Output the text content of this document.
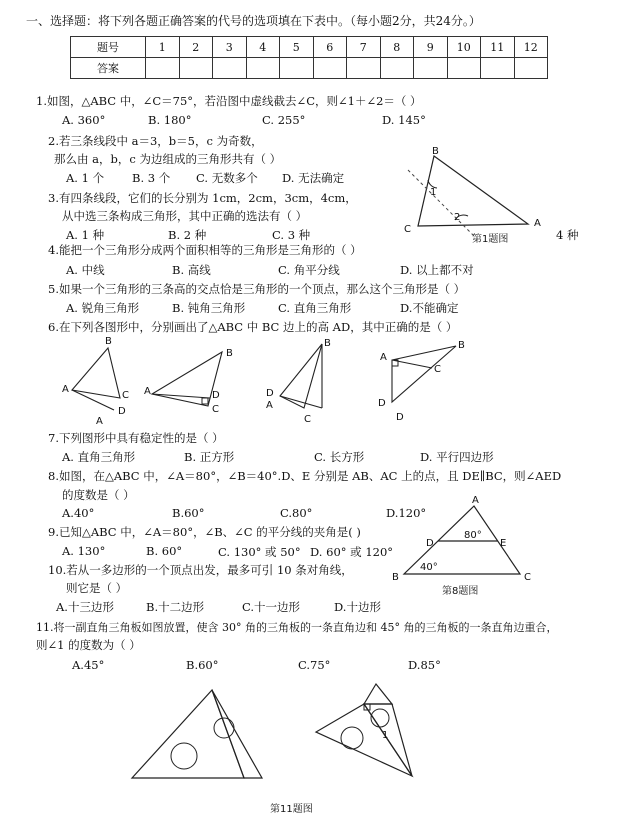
一、选择题：将下列各题正确答案的代号的选项填在下表中。（每小题2分，共24分。）
题号	1	2	3	4	5	6	7	8	9	10	11	12
答案												
1.如图，△ABC 中，∠C＝75°，若沿图中虚线截去∠C，则∠1＋∠2＝（ ）
A. 360°	B. 180°	C. 255°	D. 145°
2.若三条线段中 a＝3，b＝5，c 为奇数，
那么由 a，b，c 为边组成的三角形共有（ ）
A. 1 个 B. 3 个 C. 无数多个 D. 无法确定
3.有四条线段，它们的长分别为 1cm，2cm，3cm，4cm，
从中选三条构成三角形，其中正确的选法有（ ）
A. 1 种	B. 2 种	C. 3 种	4 种
B
C
A
1
2
第1题图
4.能把一个三角形分成两个面积相等的三角形是三角形的（ ）
A. 中线	B. 高线	C. 角平分线	D. 以上都不对
5.如果一个三角形的三条高的交点恰是三角形的一个顶点，那么这个三角形是（ ）
A. 锐角三角形	B. 钝角三角形	C. 直角三角形	D.不能确定
6.在下列各图形中，分别画出了△ABC 中 BC 边上的高 AD，其中正确的是（ ）
B
A
C
D
A
B
A	D
C
B
D
A
C
A
B
C
D
D
7.下列图形中具有稳定性的是（ ）
A. 直角三角形	B. 正方形	C. 长方形	D. 平行四边形
8.如图，在△ABC 中，∠A＝80°，∠B＝40°.D、E 分别是 AB、AC 上的点，且 DE∥BC，则∠AED
的度数是（ ）
A.40°	B.60°	C.80°	D.120°
9.已知△ABC 中，∠A＝80°，∠B、∠C 的平分线的夹角是( )
A. 130°	B. 60°	C. 130° 或 50° D. 60° 或 120°
A
D	E
B	C
80°
40°
第8题图
10.若从一多边形的一个顶点出发，最多可引 10 条对角线，
则它是（ ）
A.十三边形	B.十二边形	C.十一边形	D.十边形
11.将一副直角三角板如图放置，使含 30° 角的三角板的一条直角边和 45° 角的三角板的一条直角边重合，
则∠1 的度数为（ ）
A.45°	B.60°	C.75°	D.85°
1
第11题图
